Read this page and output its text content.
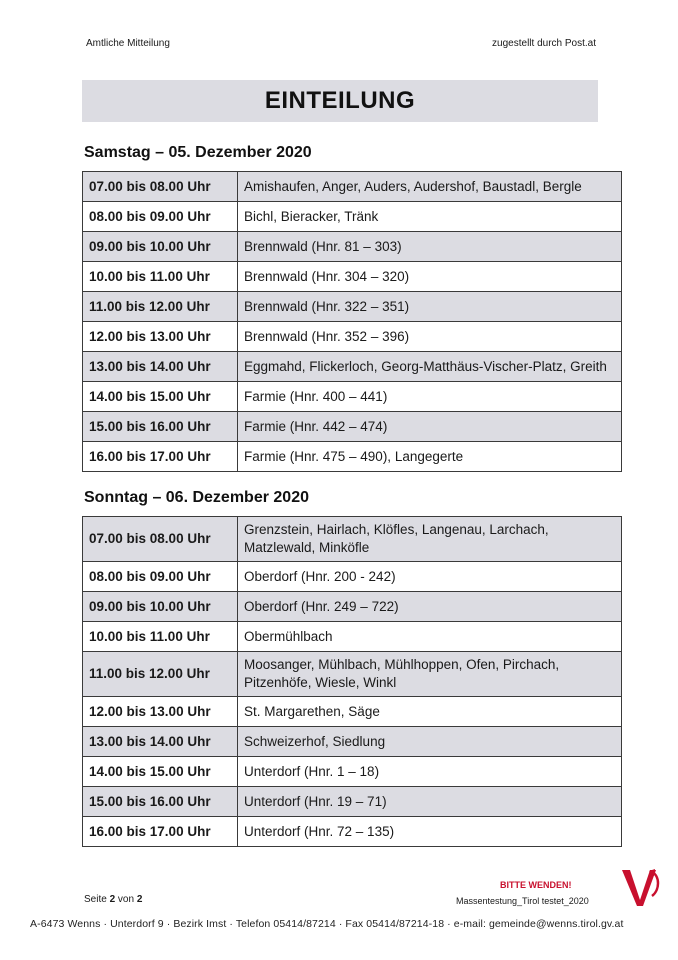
Amtliche Mitteilung	zugestellt durch Post.at
EINTEILUNG
Samstag – 05. Dezember 2020
07.00 bis 08.00 Uhr	Amishaufen, Anger, Auders, Audershof, Baustadl, Bergle
08.00 bis 09.00 Uhr	Bichl, Bieracker, Tränk
09.00 bis 10.00 Uhr	Brennwald (Hnr. 81 – 303)
10.00 bis 11.00 Uhr	Brennwald (Hnr. 304 – 320)
11.00 bis 12.00 Uhr	Brennwald (Hnr. 322 – 351)
12.00 bis 13.00 Uhr	Brennwald (Hnr. 352 – 396)
13.00 bis 14.00 Uhr	Eggmahd, Flickerloch, Georg-Matthäus-Vischer-Platz, Greith
14.00 bis 15.00 Uhr	Farmie (Hnr. 400 – 441)
15.00 bis 16.00 Uhr	Farmie (Hnr. 442 – 474)
16.00 bis 17.00 Uhr	Farmie (Hnr. 475 – 490), Langegerte
Sonntag – 06. Dezember 2020
07.00 bis 08.00 Uhr	Grenzstein, Hairlach, Klöfles, Langenau, Larchach, Matzlewald, Minköfle
08.00 bis 09.00 Uhr	Oberdorf (Hnr. 200 - 242)
09.00 bis 10.00 Uhr	Oberdorf (Hnr. 249 – 722)
10.00 bis 11.00 Uhr	Obermühlbach
11.00 bis 12.00 Uhr	Moosanger, Mühlbach, Mühlhoppen, Ofen, Pirchach, Pitzenhöfe, Wiesle, Winkl
12.00 bis 13.00 Uhr	St. Margarethen, Säge
13.00 bis 14.00 Uhr	Schweizerhof, Siedlung
14.00 bis 15.00 Uhr	Unterdorf (Hnr. 1 – 18)
15.00 bis 16.00 Uhr	Unterdorf (Hnr. 19 – 71)
16.00 bis 17.00 Uhr	Unterdorf (Hnr. 72 – 135)
Seite 2 von 2
BITTE WENDEN!
Massentestung_Tirol testet_2020
A-6473 Wenns · Unterdorf 9 · Bezirk Imst · Telefon 05414/87214 · Fax 05414/87214-18 · e-mail: gemeinde@wenns.tirol.gv.at
